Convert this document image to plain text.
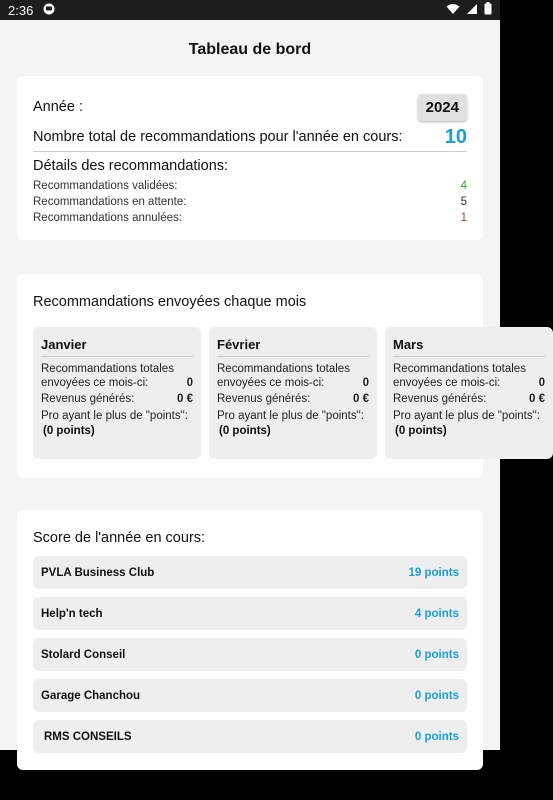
2:36
Tableau de bord
Année :	2024
Nombre total de recommandations pour l'année en cours: 10
Détails des recommandations:
Recommandations validées:	4
Recommandations en attente:	5
Recommandations annulées:	1
Recommandations envoyées chaque mois
Janvier
Recommandations totales
envoyées ce mois-ci:	0
Revenus générés:	0 €
Pro ayant le plus de "points":
(0 points)
Février
Recommandations totales
envoyées ce mois-ci:	0
Revenus générés:	0 €
Pro ayant le plus de "points":
(0 points)
Mars
Recommandations totales
envoyées ce mois-ci:	0
Revenus générés:	0 €
Pro ayant le plus de "points":
(0 points)
Score de l'année en cours:
PVLA Business Club	19 points
Help'n tech	4 points
Stolard Conseil	0 points
Garage Chanchou	0 points
RMS CONSEILS	0 points
